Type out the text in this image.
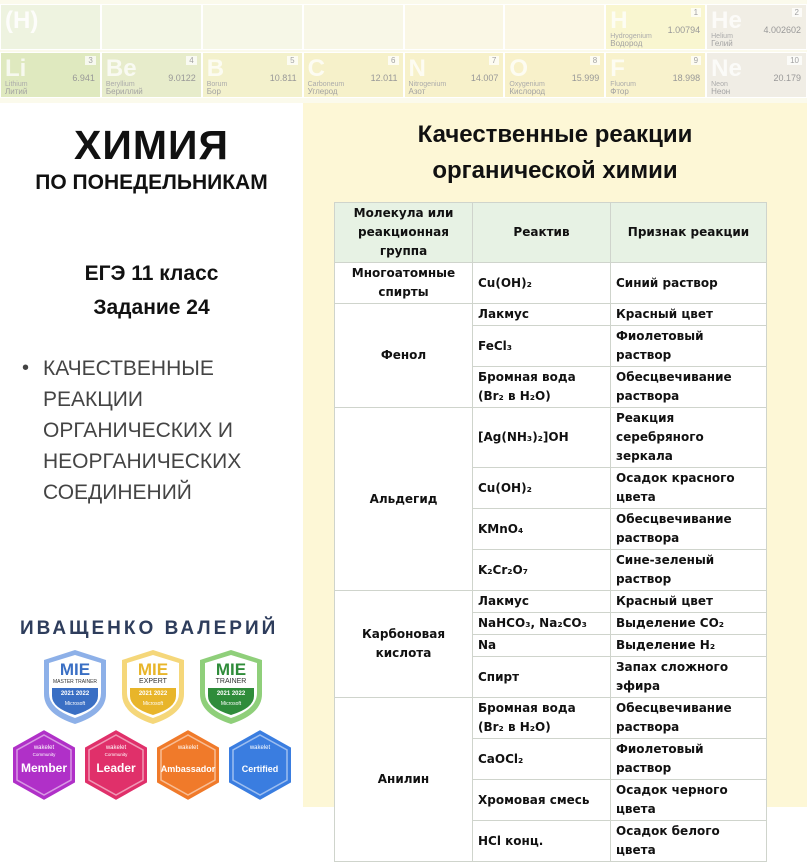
(H)	H	1
1.00794
Hydrogenium
Водород
He	2
4.002602
Helium
Гелий
Li	3
6.941
Lithium
Литий
Be	4
9.0122
Beryllium
Бериллий
B	5
10.811
Borum
Бор
C	6
12.011
Carboneum
Углерод
N	7
14.007
Nitrogenium
Азот
O	8
15.999
Oxygenium
Кислород
F	9
18.998
Fluorum
Фтор
Ne	10
20.179
Neon
Неон
ХИМИЯ
ПО ПОНЕДЕЛЬНИКАМ
ЕГЭ 11 класс
Задание 24
• КАЧЕСТВЕННЫЕ
РЕАКЦИИ
ОРГАНИЧЕСКИХ И
НЕОРГАНИЧЕСКИХ
СОЕДИНЕНИЙ
ИВАЩЕНКО ВАЛЕРИЙ
MIE
MASTER TRAINER
2021 2022
Microsoft
MIE
EXPERT
2021 2022
Microsoft
MIE
TRAINER
2021 2022
Microsoft
wakelet
Community
Member
wakelet
Community
Leader
wakelet
Ambassador
wakelet
Certified
Качественные реакции
органической химии
Молекула или реакционная группа	Реактив	Признак реакции
Многоатомные спирты	Cu(OH)₂	Синий раствор
Фенол	Лакмус	Красный цвет
	FeCl₃	Фиолетовый раствор
	Бромная вода (Br₂ в H₂O)	Обесцвечивание раствора
Альдегид	[Ag(NH₃)₂]OH	Реакция серебряного зеркала
	Cu(OH)₂	Осадок красного цвета
	KMnO₄	Обесцвечивание раствора
	K₂Cr₂O₇	Сине-зеленый раствор
Карбоновая кислота	Лакмус	Красный цвет
	NaHCO₃, Na₂CO₃	Выделение CO₂
	Na	Выделение H₂
	Спирт	Запах сложного эфира
Анилин	Бромная вода (Br₂ в H₂O)	Обесцвечивание раствора
	CaOCl₂	Фиолетовый раствор
	Хромовая смесь	Осадок черного цвета
	HCl конц.	Осадок белого цвета
